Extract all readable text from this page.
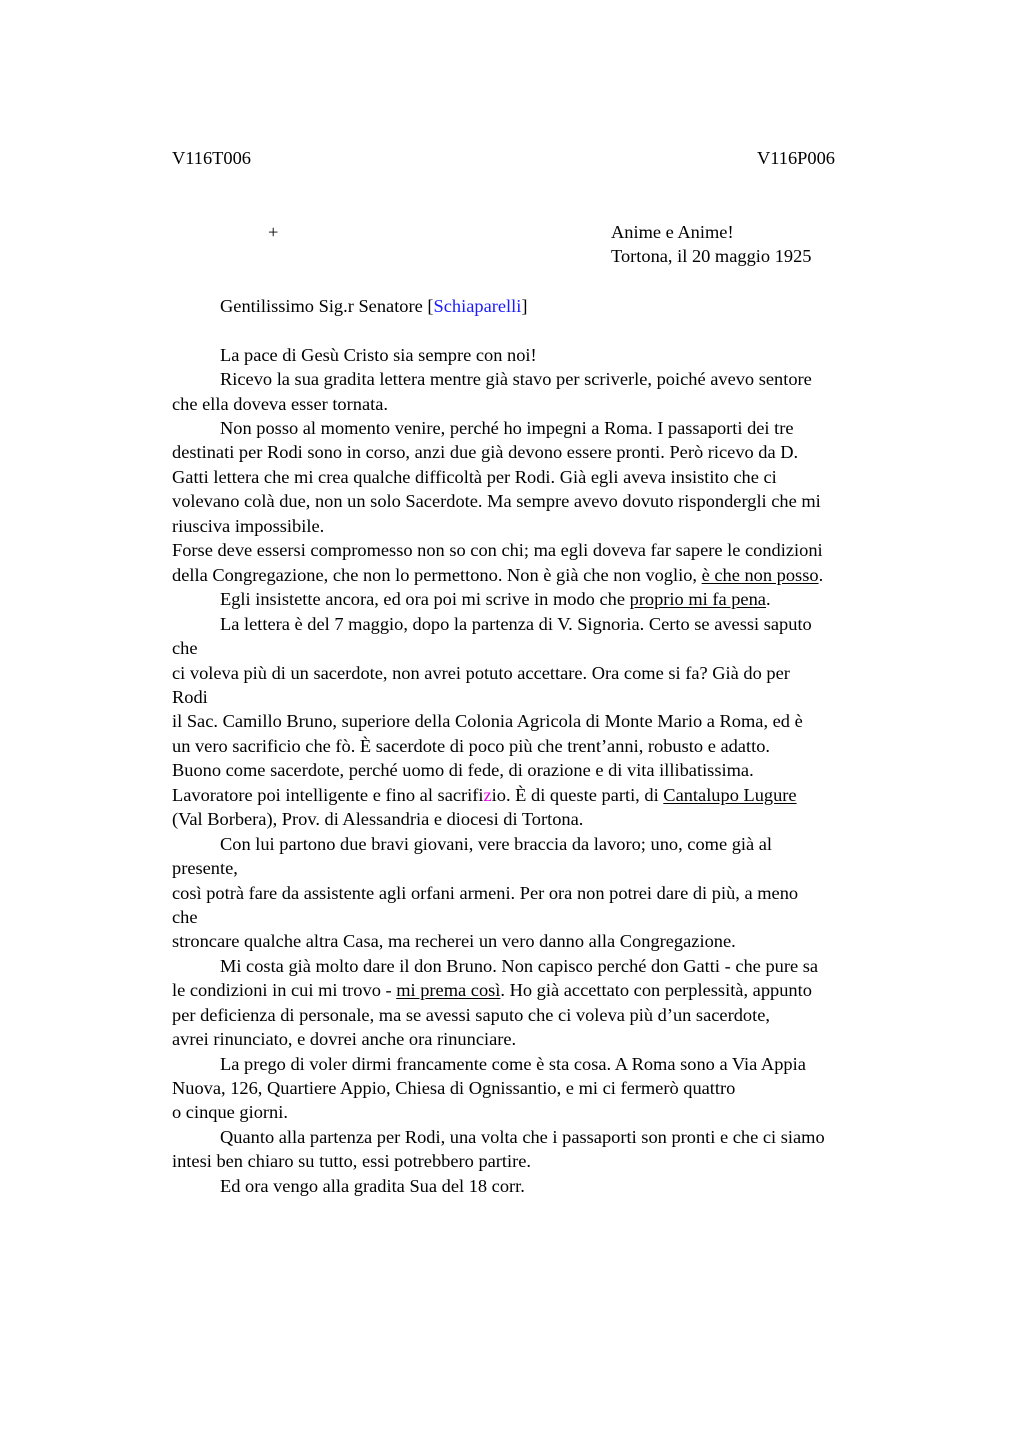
V116T006	V116P006
+	Anime e Anime!
Tortona, il 20 maggio 1925
Gentilissimo Sig.r Senatore [Schiaparelli]
La pace di Gesù Cristo sia sempre con noi!
Ricevo la sua gradita lettera mentre già stavo per scriverle, poiché avevo sentore
che ella doveva esser tornata.
Non posso al momento venire, perché ho impegni a Roma. I passaporti dei tre
destinati per Rodi sono in corso, anzi due già devono essere pronti. Però ricevo da D.
Gatti lettera che mi crea qualche difficoltà per Rodi. Già egli aveva insistito che ci
volevano colà due, non un solo Sacerdote. Ma sempre avevo dovuto rispondergli che mi
riusciva impossibile.
Forse deve essersi compromesso non so con chi; ma egli doveva far sapere le condizioni
della Congregazione, che non lo permettono. Non è già che non voglio, è che non posso.
Egli insistette ancora, ed ora poi mi scrive in modo che proprio mi fa pena.
La lettera è del 7 maggio, dopo la partenza di V. Signoria. Certo se avessi saputo
che
ci voleva più di un sacerdote, non avrei potuto accettare. Ora come si fa? Già do per
Rodi
il Sac. Camillo Bruno, superiore della Colonia Agricola di Monte Mario a Roma, ed è
un vero sacrificio che fò. È sacerdote di poco più che trent’anni, robusto e adatto.
Buono come sacerdote, perché uomo di fede, di orazione e di vita illibatissima.
Lavoratore poi intelligente e fino al sacrifizio. È di queste parti, di Cantalupo Lugure
(Val Borbera), Prov. di Alessandria e diocesi di Tortona.
Con lui partono due bravi giovani, vere braccia da lavoro; uno, come già al
presente,
così potrà fare da assistente agli orfani armeni. Per ora non potrei dare di più, a meno
che
stroncare qualche altra Casa, ma recherei un vero danno alla Congregazione.
Mi costa già molto dare il don Bruno. Non capisco perché don Gatti - che pure sa
le condizioni in cui mi trovo - mi prema così. Ho già accettato con perplessità, appunto
per deficienza di personale, ma se avessi saputo che ci voleva più d’un sacerdote,
avrei rinunciato, e dovrei anche ora rinunciare.
La prego di voler dirmi francamente come è sta cosa. A Roma sono a Via Appia
Nuova, 126, Quartiere Appio, Chiesa di Ognissantio, e mi ci fermerò quattro
o cinque giorni.
Quanto alla partenza per Rodi, una volta che i passaporti son pronti e che ci siamo
intesi ben chiaro su tutto, essi potrebbero partire.
Ed ora vengo alla gradita Sua del 18 corr.
